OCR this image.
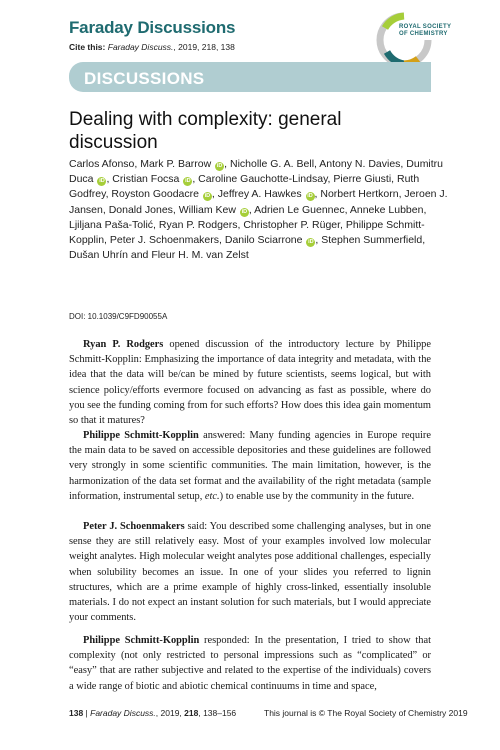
Faraday Discussions
Cite this: Faraday Discuss., 2019, 218, 138
ROYAL SOCIETY
OF CHEMISTRY
DISCUSSIONS
Dealing with complexity: general discussion
Carlos Afonso, Mark P. Barrow iD , Nicholle G. A. Bell, Antony N. Davies, Dumitru Duca iD , Cristian Focsa iD , Caroline Gauchotte-Lindsay, Pierre Giusti, Ruth Godfrey, Royston Goodacre iD , Jeffrey A. Hawkes iD , Norbert Hertkorn, Jeroen J. Jansen, Donald Jones, William Kew iD , Adrien Le Guennec, Anneke Lubben, Ljiljana Paša-Tolić, Ryan P. Rodgers, Christopher P. Rüger, Philippe Schmitt-Kopplin, Peter J. Schoenmakers, Danilo Sciarrone iD , Stephen Summerfield, Dušan Uhrín and Fleur H. M. van Zelst
DOI: 10.1039/C9FD90055A
Ryan P. Rodgers opened discussion of the introductory lecture by Philippe Schmitt-Kopplin: Emphasizing the importance of data integrity and metadata, with the idea that the data will be/can be mined by future scientists, seems logical, but with science policy/efforts evermore focused on advancing as fast as possible, where do you see the funding coming from for such efforts? How does this idea gain momentum so that it matures?
Philippe Schmitt-Kopplin answered: Many funding agencies in Europe require the main data to be saved on accessible depositories and these guidelines are followed very strongly in some scientific communities. The main limitation, however, is the harmonization of the data set format and the availability of the right metadata (sample information, instrumental setup, etc.) to enable use by the community in the future.
Peter J. Schoenmakers said: You described some challenging analyses, but in one sense they are still relatively easy. Most of your examples involved low molecular weight analytes. High molecular weight analytes pose additional challenges, especially when solubility becomes an issue. In one of your slides you referred to lignin structures, which are a prime example of highly cross-linked, essentially insoluble materials. I do not expect an instant solution for such materials, but I would appreciate your comments.
Philippe Schmitt-Kopplin responded: In the presentation, I tried to show that complexity (not only restricted to personal impressions such as “complicated” or “easy” that are rather subjective and related to the expertise of the individuals) covers a wide range of biotic and abiotic chemical continuums in time and space,
138 | Faraday Discuss., 2019, 218, 138–156	This journal is © The Royal Society of Chemistry 2019
